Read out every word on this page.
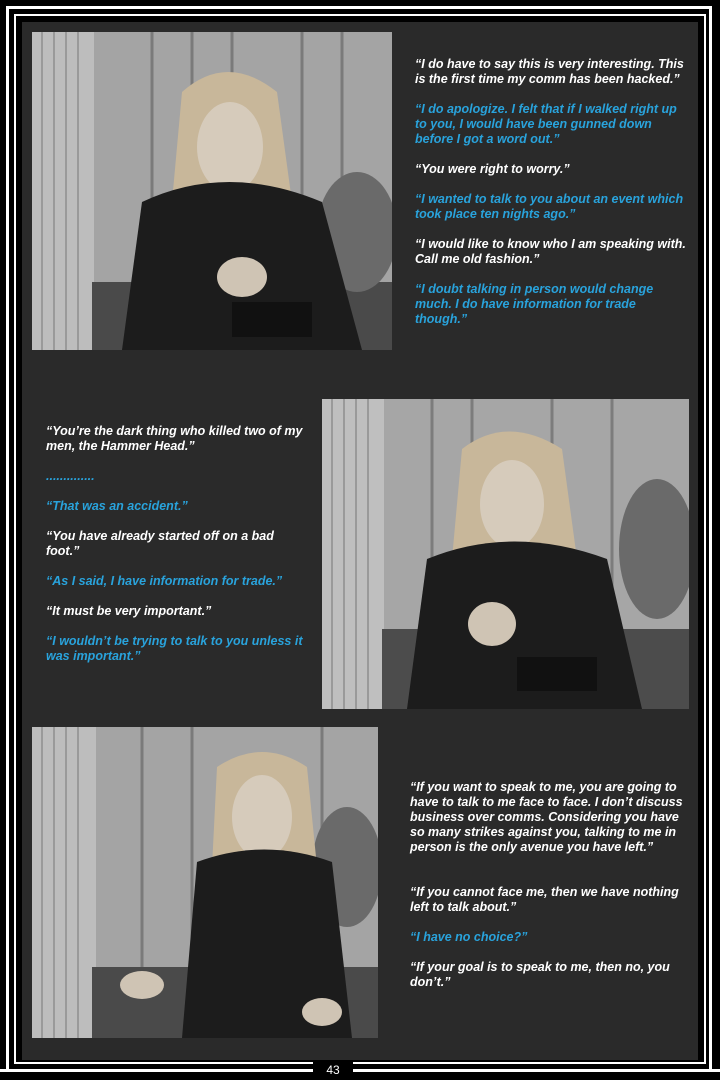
“I do have to say this is very interesting. This is the first time my comm has been hacked.”

“I do apologize. I felt that if I walked right up to you, I would have been gunned down before I got a word out.”

“You were right to worry.”

“I wanted to talk to you about an event which took place ten nights ago.”

“I would like to know who I am speaking with. Call me old fashion.”

“I doubt talking in person would change much. I do have information for trade though.”

“You’re the dark thing who killed two of my men, the Hammer Head.”

..............

“That was an accident.”

“You have already started off on a bad foot.”

“As I said, I have information for trade.”

“It must be very important.”

“I wouldn’t be trying to talk to you unless it was important.”

“If you want to speak to me, you are going to have to talk to me face to face. I don’t discuss business over comms. Considering you have so many strikes against you, talking to me in person is the only avenue you have left.”

“If you cannot face me, then we have nothing left to talk about.”

“I have no choice?”

“If your goal is to speak to me, then no, you don’t.”

43
